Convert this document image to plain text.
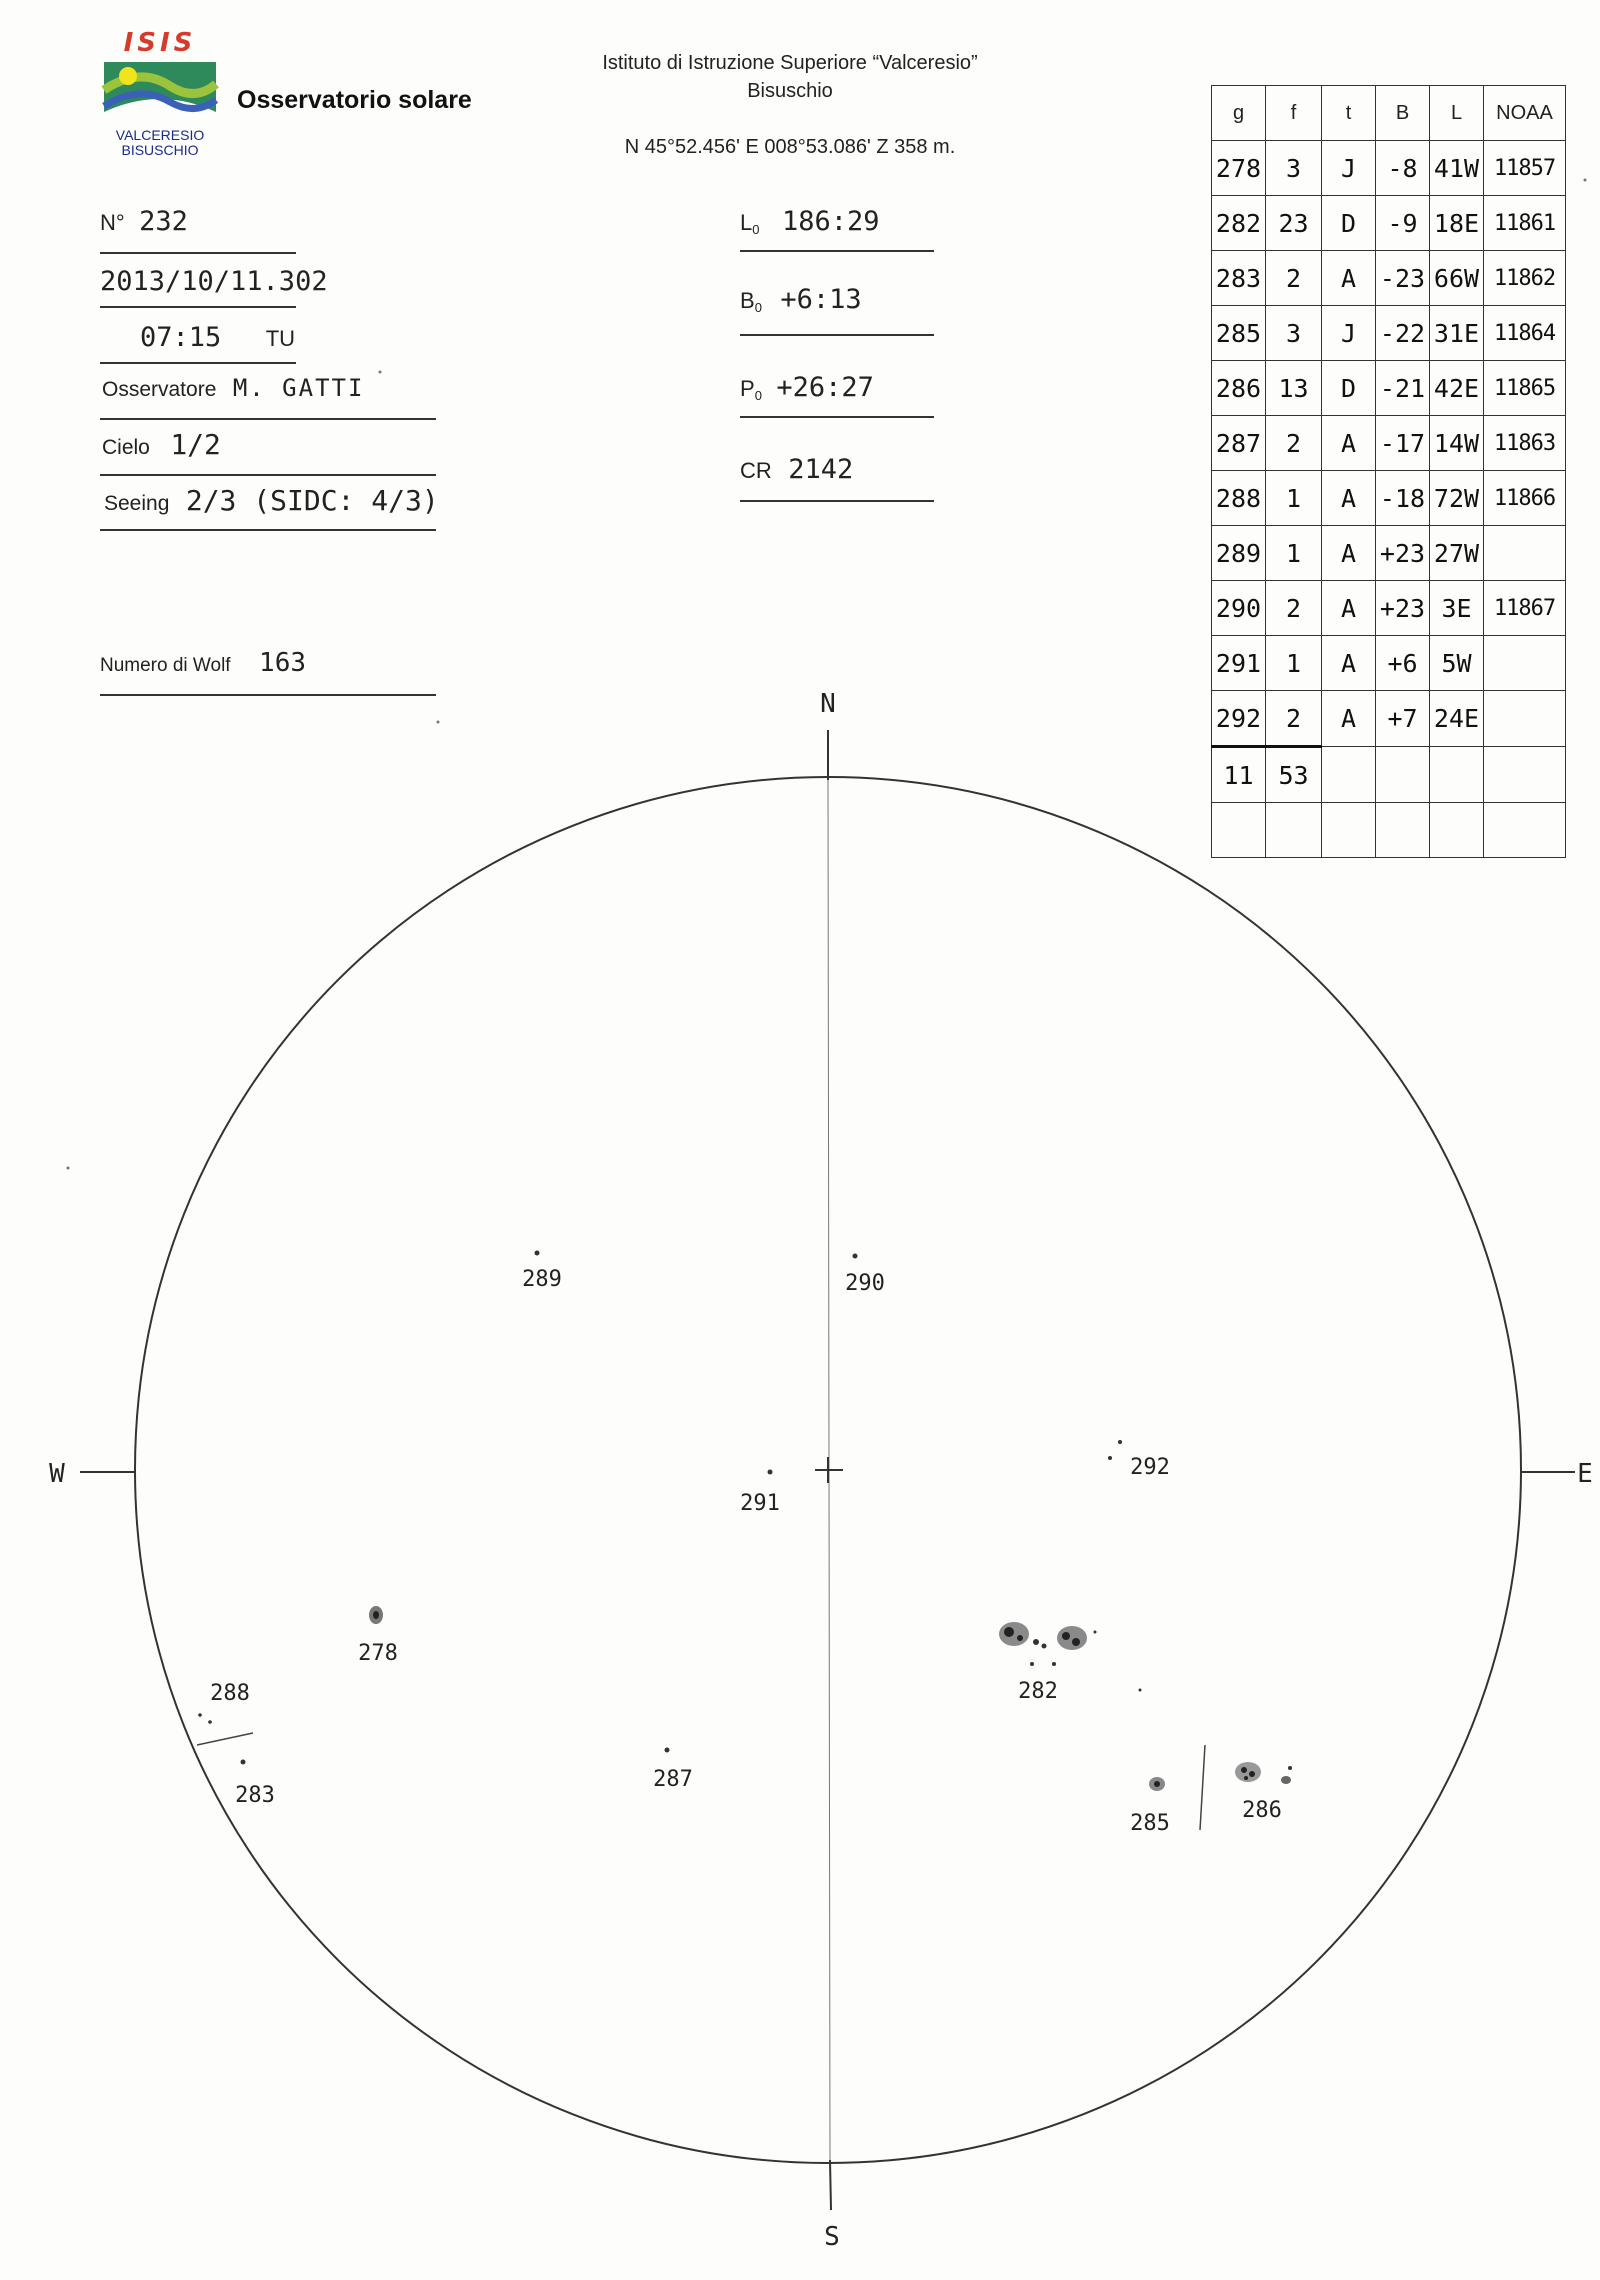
ISIS
VALCERESIO
BISUSCHIO
Osservatorio solare
Istituto di Istruzione Superiore “Valceresio”
Bisuschio
N 45°52.456' E 008°53.086' Z 358 m.
N° 232
2013/10/11.302
07:15 TU
Osservatore M. GATTI
Cielo 1/2
Seeing 2/3 (SIDC: 4/3)
Numero di Wolf 163
$L_0$ 186:29
$B_0$ +6:13
$P_0$ +26:27
CR 2142
g	f	t	B	L	NOAA
278	3	J	-8	41W	11857
282	23	D	-9	18E	11861
283	2	A	-23	66W	11862
285	3	J	-22	31E	11864
286	13	D	-21	42E	11865
287	2	A	-17	14W	11863
288	1	A	-18	72W	11866
289	1	A	+23	27W	
290	2	A	+23	3E	11867
291	1	A	+6	5W	
292	2	A	+7	24E	
11	53				

N
S
W	E
278
282
283
285
286
287
288
289	290
291
292
